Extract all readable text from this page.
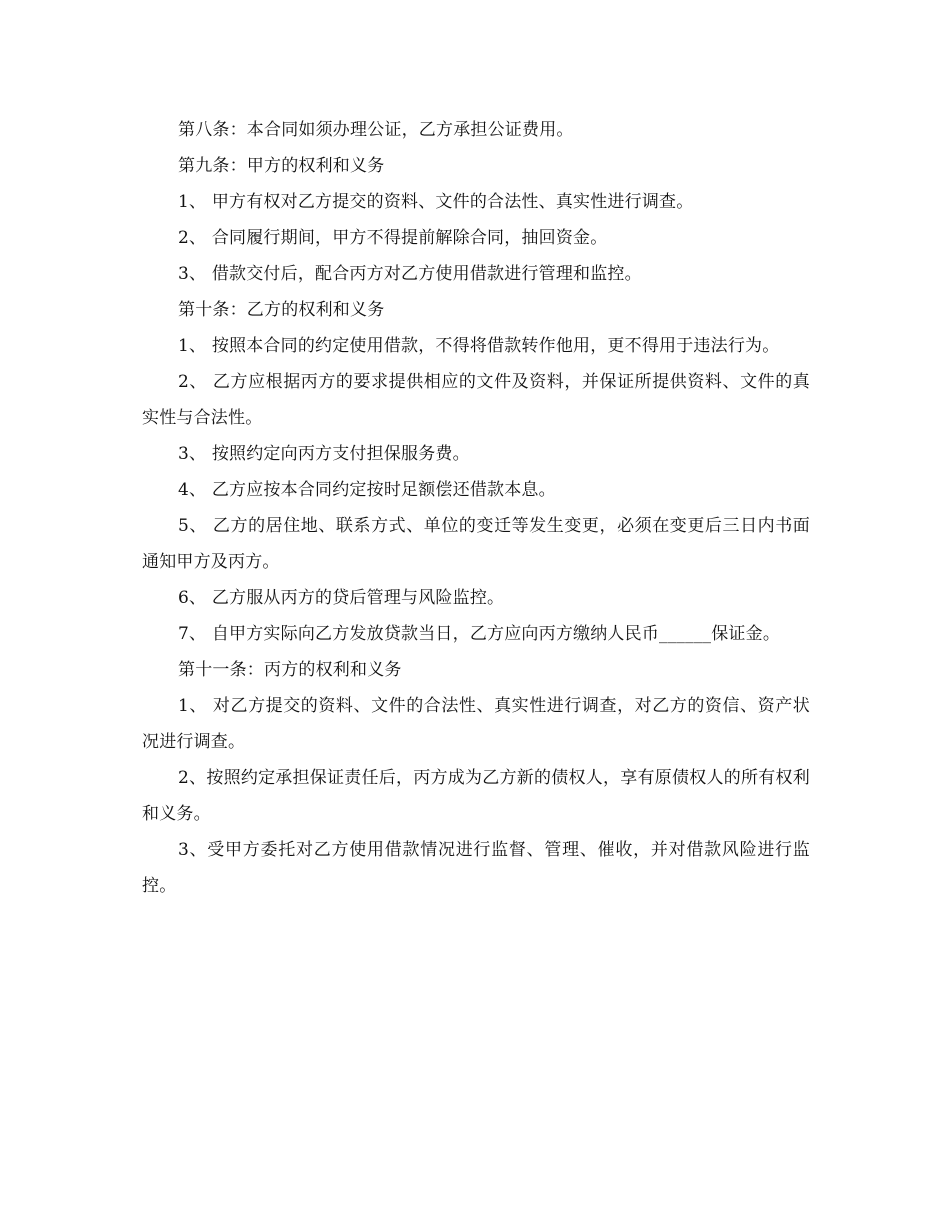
第八条：本合同如须办理公证，乙方承担公证费用。

第九条：甲方的权利和义务

1、 甲方有权对乙方提交的资料、文件的合法性、真实性进行调查。

2、 合同履行期间，甲方不得提前解除合同，抽回资金。

3、 借款交付后，配合丙方对乙方使用借款进行管理和监控。

第十条：乙方的权利和义务

1、 按照本合同的约定使用借款，不得将借款转作他用，更不得用于违法行为。

2、 乙方应根据丙方的要求提供相应的文件及资料，并保证所提供资料、文件的真实性与合法性。

3、 按照约定向丙方支付担保服务费。

4、 乙方应按本合同约定按时足额偿还借款本息。

5、 乙方的居住地、联系方式、单位的变迁等发生变更，必须在变更后三日内书面通知甲方及丙方。

6、 乙方服从丙方的贷后管理与风险监控。

7、 自甲方实际向乙方发放贷款当日，乙方应向丙方缴纳人民币______保证金。

第十一条：丙方的权利和义务

1、 对乙方提交的资料、文件的合法性、真实性进行调查，对乙方的资信、资产状况进行调查。

2、按照约定承担保证责任后，丙方成为乙方新的债权人，享有原债权人的所有权利和义务。

3、受甲方委托对乙方使用借款情况进行监督、管理、催收，并对借款风险进行监控。
